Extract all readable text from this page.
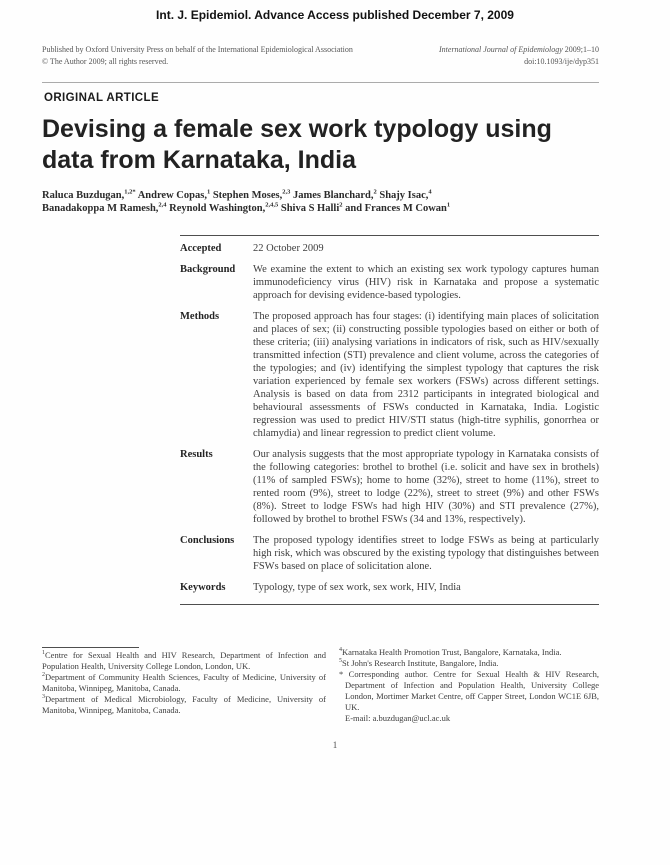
Int. J. Epidemiol. Advance Access published December 7, 2009
Published by Oxford University Press on behalf of the International Epidemiological Association
© The Author 2009; all rights reserved.
International Journal of Epidemiology 2009;1–10
doi:10.1093/ije/dyp351
ORIGINAL ARTICLE
Devising a female sex work typology using
data from Karnataka, India
Raluca Buzdugan,$^{1,2*}$ Andrew Copas,$^1$ Stephen Moses,$^{2,3}$ James Blanchard,$^2$ Shajy Isac,$^4$
Banadakoppa M Ramesh,$^{2,4}$ Reynold Washington,$^{2,4,5}$ Shiva S Halli$^2$ and Frances M Cowan$^1$
Accepted	22 October 2009
Background	We examine the extent to which an existing sex work typology captures human immunodeficiency virus (HIV) risk in Karnataka and propose a systematic approach for devising evidence-based typologies.
Methods	The proposed approach has four stages: (i) identifying main places of solicitation and places of sex; (ii) constructing possible typologies based on either or both of these criteria; (iii) analysing variations in indicators of risk, such as HIV/sexually transmitted infection (STI) prevalence and client volume, across the categories of the typologies; and (iv) identifying the simplest typology that captures the risk variation experienced by female sex workers (FSWs) across different settings. Analysis is based on data from 2312 participants in integrated biological and behavioural assessments of FSWs conducted in Karnataka, India. Logistic regression was used to predict HIV/STI status (high-titre syphilis, gonorrhea or chlamydia) and linear regression to predict client volume.
Results	Our analysis suggests that the most appropriate typology in Karnataka consists of the following categories: brothel to brothel (i.e. solicit and have sex in brothels) (11% of sampled FSWs); home to home (32%), street to home (11%), street to rented room (9%), street to lodge (22%), street to street (9%) and other FSWs (8%). Street to lodge FSWs had high HIV (30%) and STI prevalence (27%), followed by brothel to brothel FSWs (34 and 13%, respectively).
Conclusions	The proposed typology identifies street to lodge FSWs as being at particularly high risk, which was obscured by the existing typology that distinguishes between FSWs based on place of solicitation alone.
Keywords	Typology, type of sex work, sex work, HIV, India
$^1$Centre for Sexual Health and HIV Research, Department of Infection and Population Health, University College London, London, UK.
$^2$Department of Community Health Sciences, Faculty of Medicine, University of Manitoba, Winnipeg, Manitoba, Canada.
$^3$Department of Medical Microbiology, Faculty of Medicine, University of Manitoba, Winnipeg, Manitoba, Canada.
$^4$Karnataka Health Promotion Trust, Bangalore, Karnataka, India.
$^5$St John's Research Institute, Bangalore, India.
* Corresponding author. Centre for Sexual Health & HIV Research, Department of Infection and Population Health, University College London, Mortimer Market Centre, off Capper Street, London WC1E 6JB, UK.
E-mail: a.buzdugan@ucl.ac.uk
1
